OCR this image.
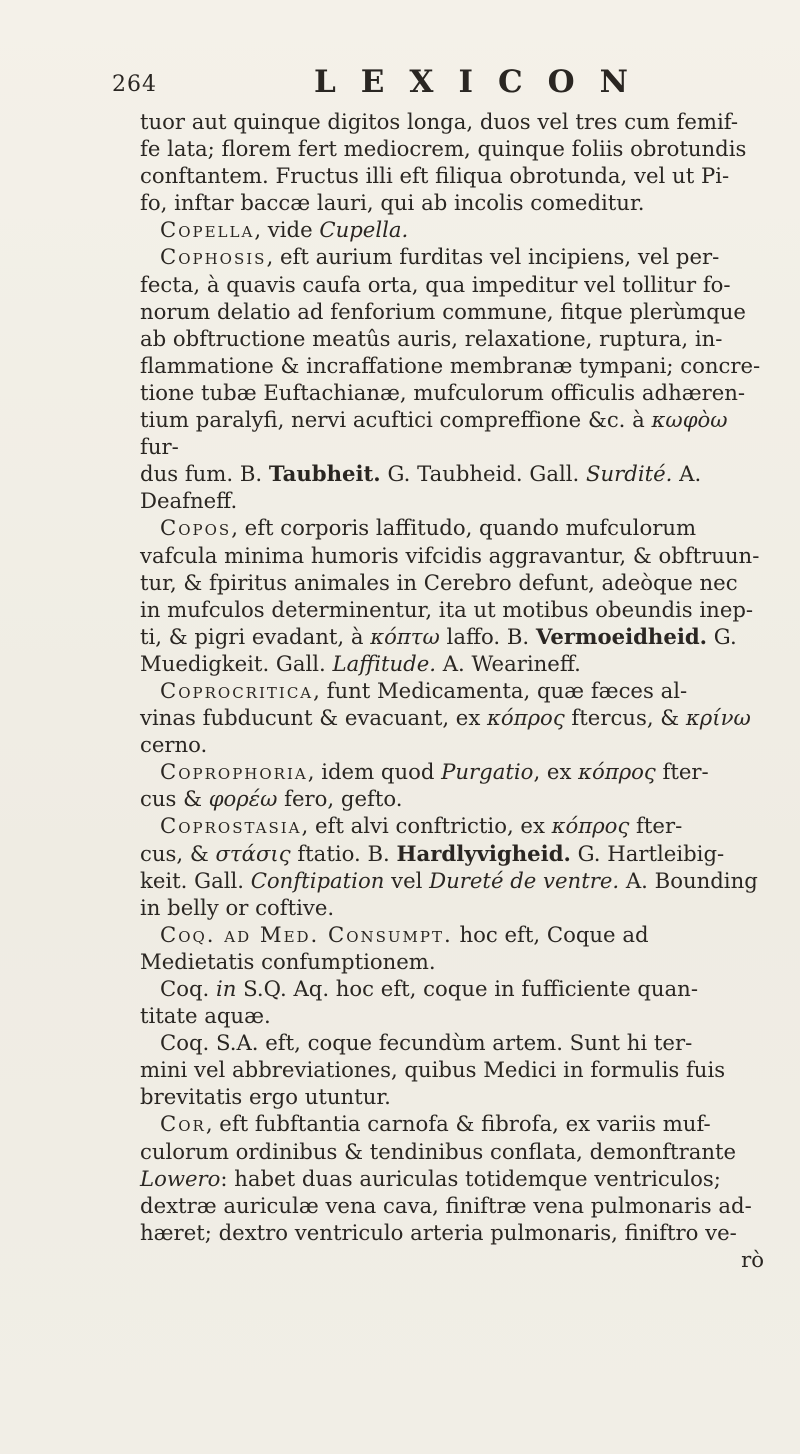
264	LEXICON
tuor aut quinque digitos longa, duos vel tres cum femif-
fe lata; florem fert mediocrem, quinque foliis obrotundis
conftantem. Fructus illi eft filiqua obrotunda, vel ut Pi-
fo, inftar baccæ lauri, qui ab incolis comeditur.
Copella, vide Cupella.
Cophosis, eft aurium furditas vel incipiens, vel per-
fecta, à quavis caufa orta, qua impeditur vel tollitur fo-
norum delatio ad fenforium commune, fitque plerùmque
ab obftructione meatûs auris, relaxatione, ruptura, in-
flammatione & incraffatione membranæ tympani; concre-
tione tubæ Euftachianæ, mufculorum officulis adhæren-
tium paralyfi, nervi acuftici compreffione &c. à κωφὸω fur-
dus fum. B. Taubheit. G. Taubheid. Gall. Surdité. A.
Deafneff.
Copos, eft corporis laffitudo, quando mufculorum
vafcula minima humoris vifcidis aggravantur, & obftruun-
tur, & fpiritus animales in Cerebro defunt, adeòque nec
in mufculos determinentur, ita ut motibus obeundis inep-
ti, & pigri evadant, à κόπτω laffo. B. Vermoeidheid. G.
Muedigkeit. Gall. Laffitude. A. Wearineff.
Coprocritica, funt Medicamenta, quæ fæces al-
vinas fubducunt & evacuant, ex κόπρος ftercus, & κρίνω
cerno.
Coprophoria, idem quod Purgatio, ex κόπρος fter-
cus & φορέω fero, gefto.
Coprostasia, eft alvi conftrictio, ex κόπρος fter-
cus, & στάσις ftatio. B. Hardlyvigheid. G. Hartleibig-
keit. Gall. Conftipation vel Dureté de ventre. A. Bounding
in belly or coftive.
Coq. ad Med. Consumpt. hoc eft, Coque ad
Medietatis confumptionem.
Coq. in S.Q. Aq. hoc eft, coque in fufficiente quan-
titate aquæ.
Coq. S.A. eft, coque fecundùm artem. Sunt hi ter-
mini vel abbreviationes, quibus Medici in formulis fuis
brevitatis ergo utuntur.
Cor, eft fubftantia carnofa & fibrofa, ex variis muf-
culorum ordinibus & tendinibus conflata, demonftrante
Lowero: habet duas auriculas totidemque ventriculos;
dextræ auriculæ vena cava, finiftræ vena pulmonaris ad-
hæret; dextro ventriculo arteria pulmonaris, finiftro ve-
rò
